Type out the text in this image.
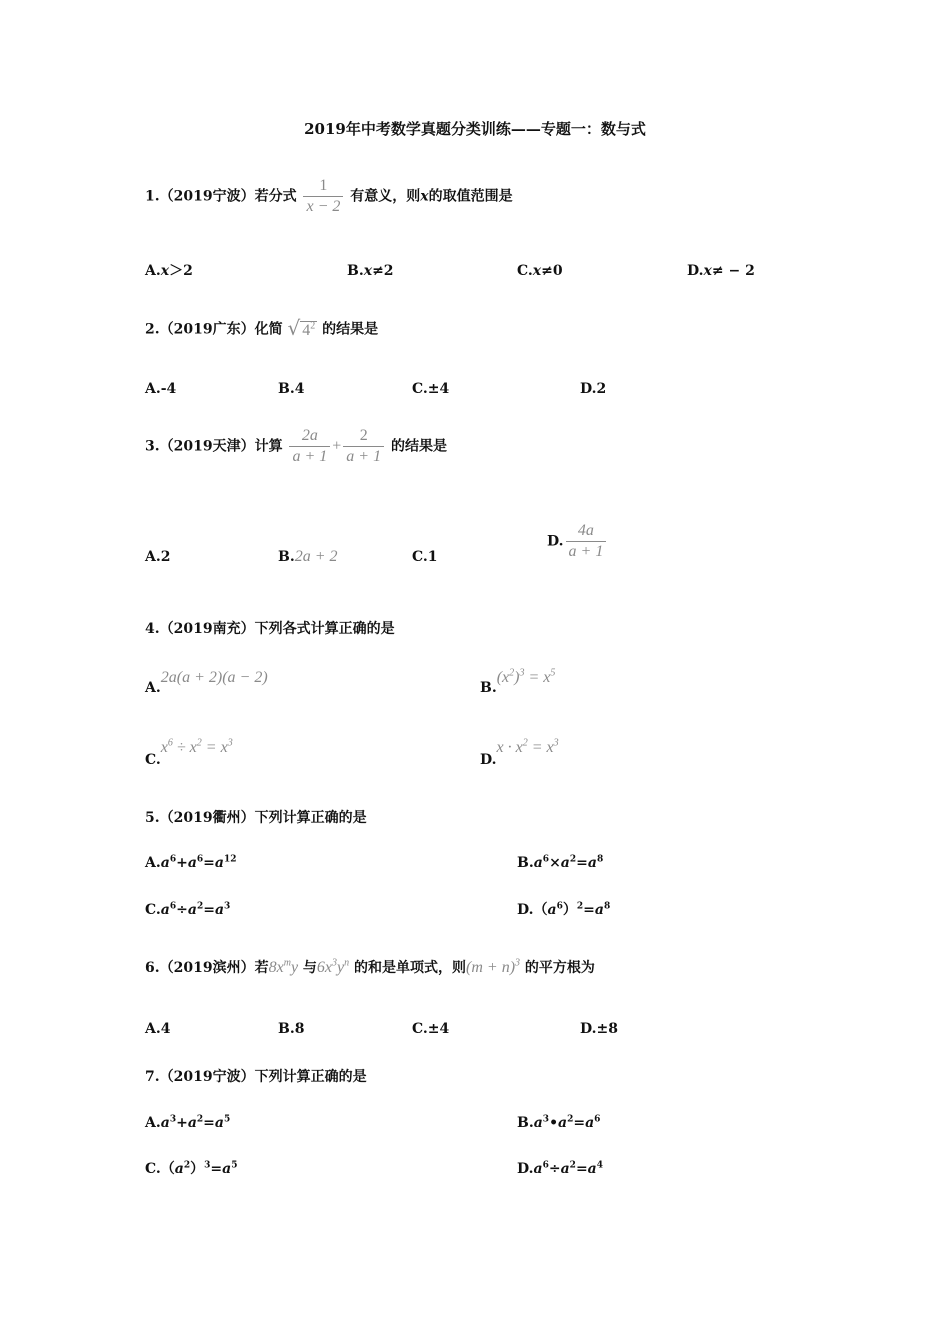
2019年中考数学真题分类训练——专题一：数与式
1.（2019宁波）若分式 $\frac{1}{x - 2}$ 有意义，则x的取值范围是
A.x＞2	B.x≠2	C.x≠0	D.x≠ − 2
2.（2019广东）化简 √ $4^2$ 的结果是
A.-4	B.4	C.±4	D.2
3.（2019天津）计算 $\frac{2a}{a + 1} + \frac{2}{a + 1}$ 的结果是
A.2	B.2a + 2	C.1
D. $\frac{4a}{a + 1}$
4.（2019南充）下列各式计算正确的是
A.2a(a + 2)(a − 2)
$B.(x^2)^3 = x^5$
$C.x^6 \div x^2 = x^3$
$D.x \cdot x^2 = x^3$
5.（2019衢州）下列计算正确的是
$A.a^6+a^6=a^{12}$	$B.a^6\times a^2=a^8$
$C.a^6\div a^2=a^3$	$D.(a^6)^2=a^8$
6.（2019滨州）若$8x^my$ 与$6x^3y^n$ 的和是单项式，则$(m + n)^3$ 的平方根为
A.4	B.8	C.±4	D.±8
7.（2019宁波）下列计算正确的是
$A.a^3+a^2=a^5$	$B.a^3•a^2=a^6$
$C.(a^2)^3=a^5$	$D.a^6\div a^2=a^4$
